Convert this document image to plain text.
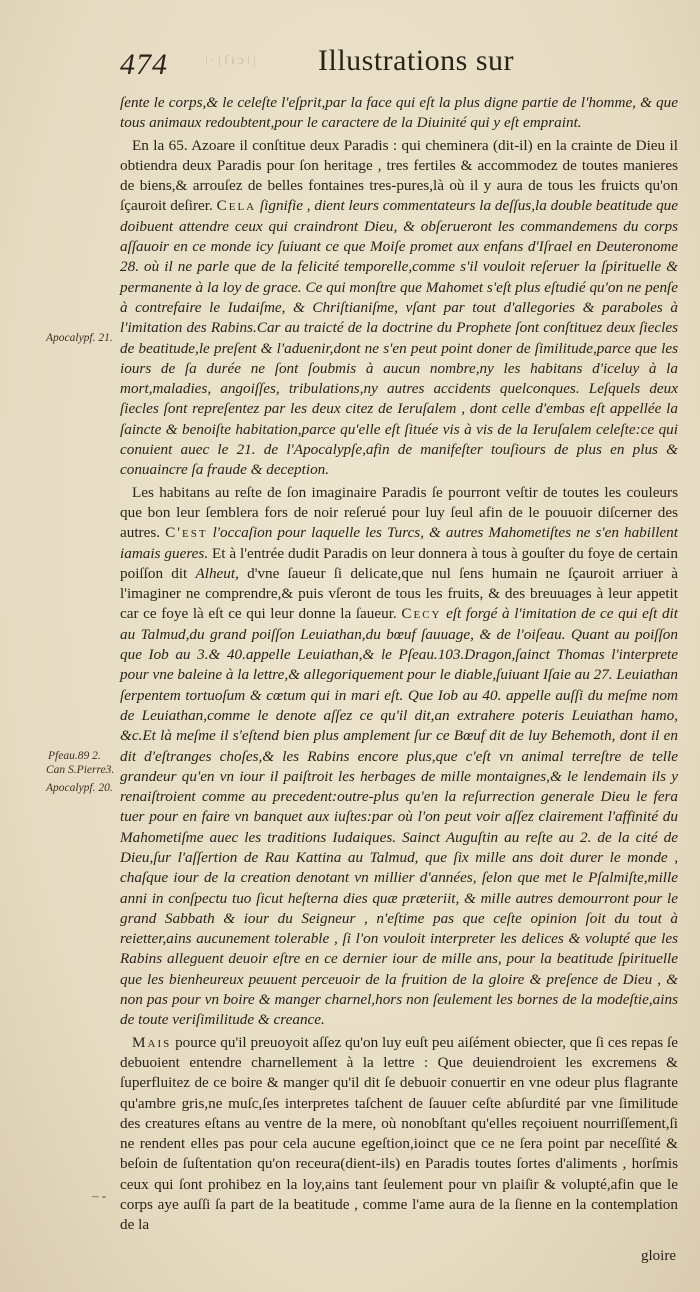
474	ǀ · | ſ ɨ ɔ ǀ |	Illustrations sur

ſente le corps,& le celeſte l'eſprit,par la face qui eſt la plus digne partie de l'homme, & que tous animaux redoubtent,pour le caractere de la Diuinité qui y eſt empraint.

En la 65. Azoare il conſtitue deux Paradis : qui cheminera (dit-il) en la crainte de Dieu il obtiendra deux Paradis pour ſon heritage , tres fertiles & accommodez de toutes manieres de biens,& arrouſez de belles fontaines tres-pures,là où il y aura de tous les fruicts qu'on ſçauroit deſirer. Cela ſignifie , dient leurs commentateurs la deſſus,la double beatitude que doibuent attendre ceux qui craindront Dieu, & obſerueront les commandemens du corps aſſauoir en ce monde icy ſuiuant ce que Moiſe promet aux enfans d'Iſrael en Deuteronome 28. où il ne parle que de la felicité temporelle,comme s'il vouloit reſeruer la ſpirituelle & permanente à la loy de grace. Ce qui monſtre que Mahomet s'eſt plus eſtudié qu'on ne penſe à contrefaire le Iudaiſme, & Chriſtianiſme, vſant par tout d'allegories & paraboles à l'imitation des Rabins.Car au traicté de la doctrine du Prophete ſont conſtituez deux ſiecles de beatitude,le preſent & l'aduenir,dont ne s'en peut point doner de ſimilitude,parce que les iours de ſa durée ne ſont ſoubmis à aucun nombre,ny les habitans d'iceluy à la mort,maladies, angoiſſes, tribulations,ny autres accidents quelconques. Leſquels deux ſiecles ſont repreſentez par les deux citez de Ieruſalem , dont celle d'embas eſt appellée la ſaincte & benoiſte habitation,parce qu'elle eſt ſituée vis à vis de la Ieruſalem celeſte:ce qui conuient auec le 21. de l'Apocalypſe,afin de manifeſter touſiours de plus en plus & conuaincre ſa fraude & deception.

Les habitans au reſte de ſon imaginaire Paradis ſe pourront veſtir de toutes les couleurs que bon leur ſemblera fors de noir reſerué pour luy ſeul afin de le pouuoir diſcerner des autres. C'est l'occaſion pour laquelle les Turcs, & autres Mahometiſtes ne s'en habillent iamais gueres. Et à l'entrée dudit Paradis on leur donnera à tous à gouſter du foye de certain poiſſon dit Alheut, d'vne ſaueur ſi delicate,que nul ſens humain ne ſçauroit arriuer à l'imaginer ne comprendre,& puis vſeront de tous les fruits, & des breuuages à leur appetit car ce foye là eſt ce qui leur donne la ſaueur. Cecy eſt forgé à l'imitation de ce qui eſt dit au Talmud,du grand poiſſon Leuiathan,du bœuf ſauuage, & de l'oiſeau. Quant au poiſſon que Iob au 3.& 40.appelle Leuiathan,& le Pſeau.103.Dragon,ſainct Thomas l'interprete pour vne baleine à la lettre,& allegoriquement pour le diable,ſuiuant Iſaie au 27. Leuiathan ſerpentem tortuoſum & cœtum qui in mari eſt. Que Iob au 40. appelle auſſi du meſme nom de Leuiathan,comme le denote aſſez ce qu'il dit,an extrahere poteris Leuiathan hamo, &c.Et là meſme il s'eſtend bien plus amplement ſur ce Bœuf dit de luy Behemoth, dont il en dit d'eſtranges choſes,& les Rabins encore plus,que c'eſt vn animal terreſtre de telle grandeur qu'en vn iour il paiſtroit les herbages de mille montaignes,& le lendemain ils y renaiſtroient comme au precedent:outre-plus qu'en la reſurrection generale Dieu le fera tuer pour en faire vn banquet aux iuſtes:par où l'on peut voir aſſez clairement l'affinité du Mahometiſme auec les traditions Iudaiques. Sainct Auguſtin au reſte au 2. de la cité de Dieu,ſur l'aſſertion de Rau Kattina au Talmud, que ſix mille ans doit durer le monde , chaſque iour de la creation denotant vn millier d'années, ſelon que met le Pſalmiſte,mille anni in conſpectu tuo ſicut heſterna dies quæ præteriit, & mille autres demourront pour le grand Sabbath & iour du Seigneur , n'eſtime pas que ceſte opinion ſoit du tout à reietter,ains aucunement tolerable , ſi l'on vouloit interpreter les delices & volupté que les Rabins alleguent deuoir eſtre en ce dernier iour de mille ans, pour la beatitude ſpirituelle que les bienheureux peuuent perceuoir de la fruition de la gloire & preſence de Dieu , & non pas pour vn boire & manger charnel,hors non ſeulement les bornes de la modeſtie,ains de toute veriſimilitude & creance.

Mais pource qu'il preuoyoit aſſez qu'on luy euſt peu aiſément obiecter, que ſi ces repas ſe debuoient entendre charnellement à la lettre : Que deuiendroient les excremens & ſuperfluitez de ce boire & manger qu'il dit ſe debuoir conuertir en vne odeur plus flagrante qu'ambre gris,ne muſc,ſes interpretes taſchent de ſauuer ceſte abſurdité par vne ſimilitude des creatures eſtans au ventre de la mere, où nonobſtant qu'elles reçoiuent nourriſſement,ſi ne rendent elles pas pour cela aucune egeſtion,ioinct que ce ne ſera point par neceſſité & beſoin de ſuſtentation qu'on receura(dient-ils) en Paradis toutes ſortes d'aliments , horſmis ceux qui ſont prohibez en la loy,ains tant ſeulement pour vn plaiſir & volupté,afin que le corps aye auſſi ſa part de la beatitude , comme l'ame aura de la ſienne en la contemplation de la

Apocalypf. 21.
Pfeau.89 2.
Can S.Pierre3.
Apocalypf. 20.
– -
gloire
